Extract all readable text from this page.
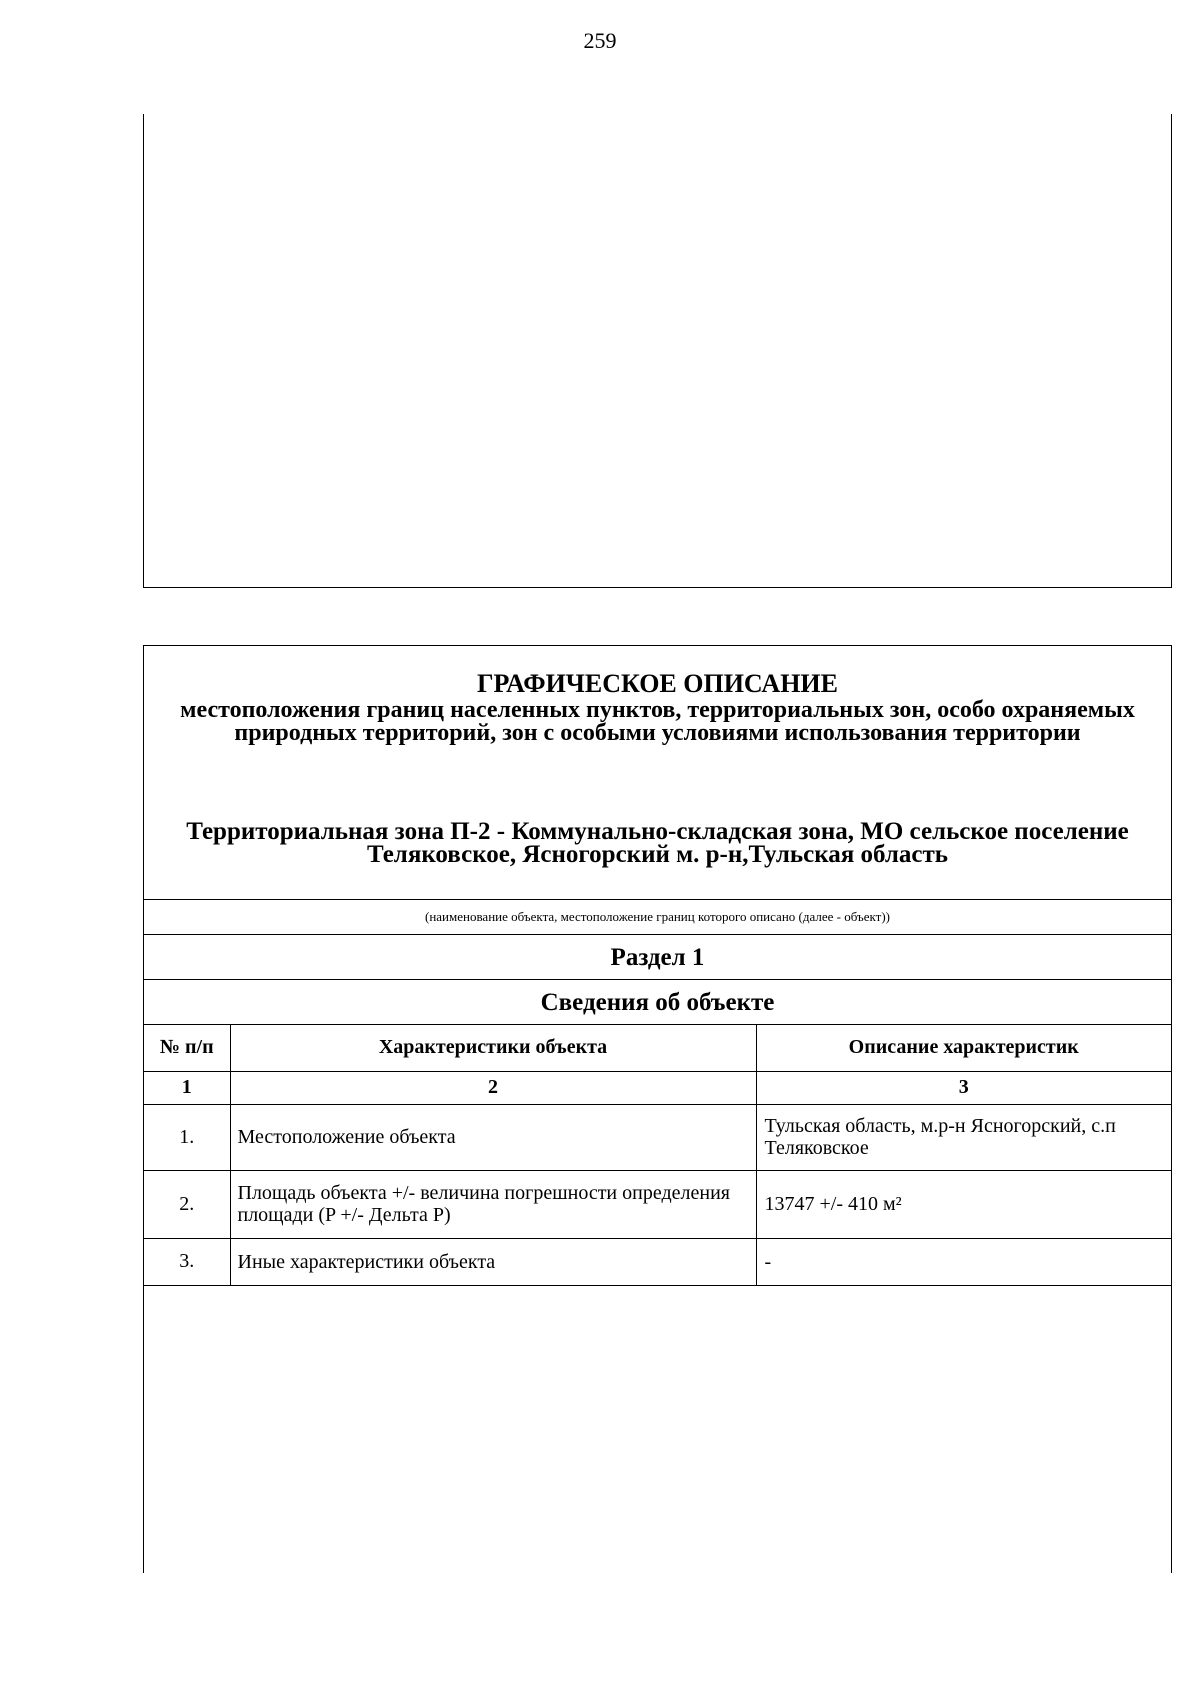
259
ГРАФИЧЕСКОЕ ОПИСАНИЕ
местоположения границ населенных пунктов, территориальных зон, особо охраняемых природных территорий, зон с особыми условиями использования территории
Территориальная зона П-2 - Коммунально-складская зона, МО сельское поселение Теляковское, Ясногорский м. р-н,Тульская область
(наименование объекта, местоположение границ которого описано (далее - объект))
Раздел 1
Сведения об объекте
№ п/п	Характеристики объекта	Описание характеристик
1	2	3
1.	Местоположение объекта	Тульская область, м.р-н Ясногорский, с.п Теляковское
2.	Площадь объекта +/- величина погрешности определения площади (P +/- Дельта P)	13747 +/- 410 м²
3.	Иные характеристики объекта	-
